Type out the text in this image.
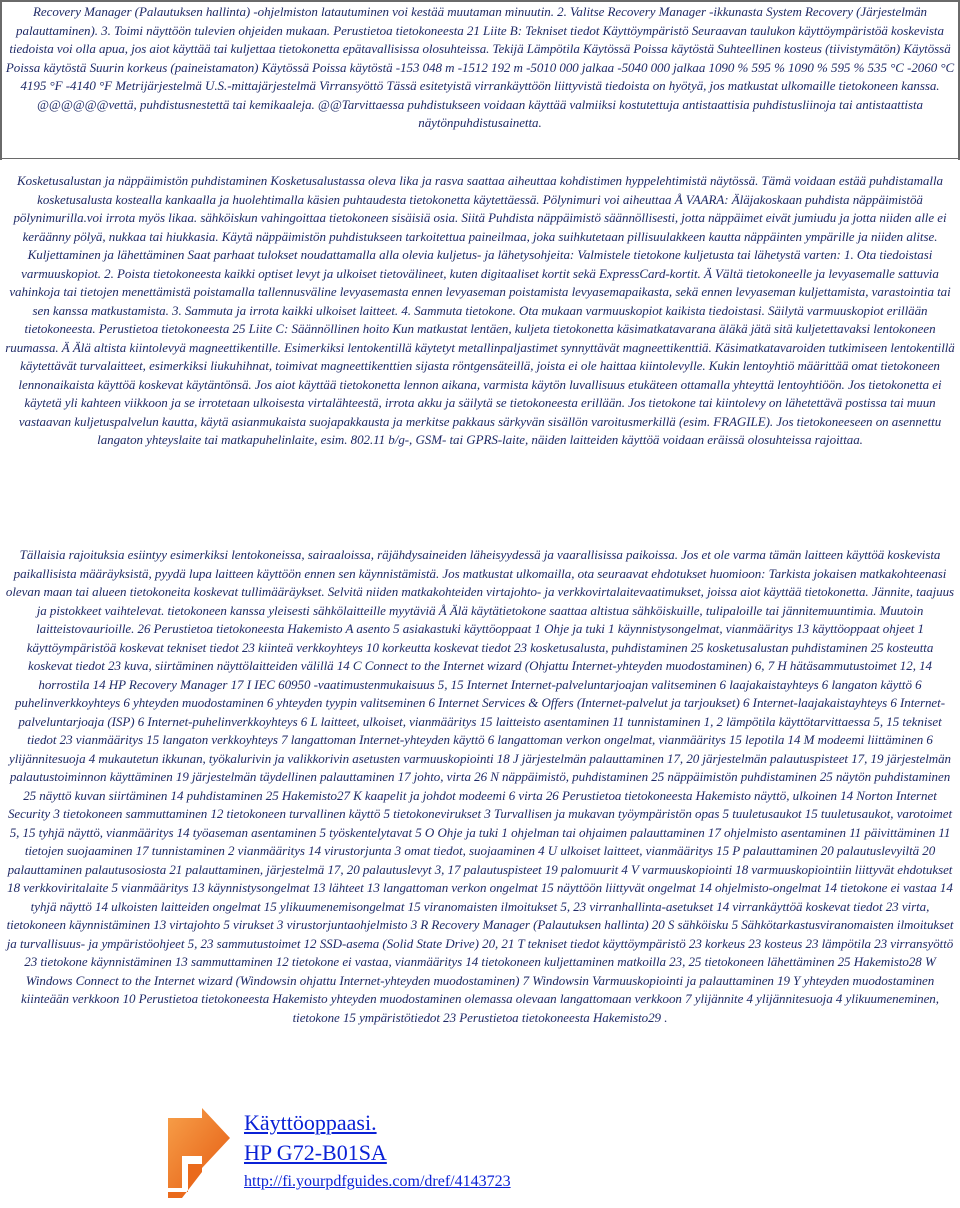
Recovery Manager (Palautuksen hallinta) -ohjelmiston latautuminen voi kestää muutaman minuutin. 2. Valitse Recovery Manager -ikkunasta System Recovery (Järjestelmän palauttaminen). 3. Toimi näyttöön tulevien ohjeiden mukaan. Perustietoa tietokoneesta 21 Liite B: Tekniset tiedot Käyttöympäristö Seuraavan taulukon käyttöympäristöä koskevista tiedoista voi olla apua, jos aiot käyttää tai kuljettaa tietokonetta epätavallisissa olosuhteissa. Tekijä Lämpötila Käytössä Poissa käytöstä Suhteellinen kosteus (tiivistymätön) Käytössä Poissa käytöstä Suurin korkeus (paineistamaton) Käytössä Poissa käytöstä -153 048 m -1512 192 m -5010 000 jalkaa -5040 000 jalkaa 1090 % 595 % 1090 % 595 % 535 °C -2060 °C 4195 °F -4140 °F Metrijärjestelmä U.S.-mittajärjestelmä Virransyöttö Tässä esitetyistä virrankäyttöön liittyvistä tiedoista on hyötyä, jos matkustat ulkomaille tietokoneen kanssa. @@@@@@vettä, puhdistusnestettä tai kemikaaleja. @@Tarvittaessa puhdistukseen voidaan käyttää valmiiksi kostutettuja antistaattisia puhdistusliinoja tai antistaattista näytönpuhdistusainetta.

Kosketusalustan ja näppäimistön puhdistaminen Kosketusalustassa oleva lika ja rasva saattaa aiheuttaa kohdistimen hyppelehtimistä näytössä. Tämä voidaan estää puhdistamalla kosketusalusta kostealla kankaalla ja huolehtimalla käsien puhtaudesta tietokonetta käytettäessä. Pölynimuri voi aiheuttaa Å VAARA: Äläjakoskaan puhdista näppäimistöä pölynimurilla.voi irrota myös likaa. sähköiskun vahingoittaa tietokoneen sisäisiä osia. Siitä Puhdista näppäimistö säännöllisesti, jotta näppäimet eivät jumiudu ja jotta niiden alle ei keräänny pölyä, nukkaa tai hiukkasia. Käytä näppäimistön puhdistukseen tarkoitettua paineilmaa, joka suihkutetaan pillisuulakkeen kautta näppäinten ympärille ja niiden alitse. Kuljettaminen ja lähettäminen Saat parhaat tulokset noudattamalla alla olevia kuljetus- ja lähetysohjeita: Valmistele tietokone kuljetusta tai lähetystä varten: 1. Ota tiedoistasi varmuuskopiot. 2. Poista tietokoneesta kaikki optiset levyt ja ulkoiset tietovälineet, kuten digitaaliset kortit sekä ExpressCard-kortit. Ä Vältä tietokoneelle ja levyasemalle sattuvia vahinkoja tai tietojen menettämistä poistamalla tallennusväline levyasemasta ennen levyaseman poistamista levyasemapaikasta, sekä ennen levyaseman kuljettamista, varastointia tai sen kanssa matkustamista. 3. Sammuta ja irrota kaikki ulkoiset laitteet. 4. Sammuta tietokone. Ota mukaan varmuuskopiot kaikista tiedoistasi. Säilytä varmuuskopiot erillään tietokoneesta. Perustietoa tietokoneesta 25 Liite C: Säännöllinen hoito Kun matkustat lentäen, kuljeta tietokonetta käsimatkatavarana äläkä jätä sitä kuljetettavaksi lentokoneen ruumassa. Ä Älä altista kiintolevyä magneettikentille. Esimerkiksi lentokentillä käytetyt metallinpaljastimet synnyttävät magneettikenttiä. Käsimatkatavaroiden tutkimiseen lentokentillä käytettävät turvalaitteet, esimerkiksi liukuhihnat, toimivat magneettikenttien sijasta röntgensäteillä, joista ei ole haittaa kiintolevylle. Kukin lentoyhtiö määrittää omat tietokoneen lennonaikaista käyttöä koskevat käytäntönsä. Jos aiot käyttää tietokonetta lennon aikana, varmista käytön luvallisuus etukäteen ottamalla yhteyttä lentoyhtiöön. Jos tietokonetta ei käytetä yli kahteen viikkoon ja se irrotetaan ulkoisesta virtalähteestä, irrota akku ja säilytä se tietokoneesta erillään. Jos tietokone tai kiintolevy on lähetettävä postissa tai muun vastaavan kuljetuspalvelun kautta, käytä asianmukaista suojapakkausta ja merkitse pakkaus särkyvän sisällön varoitusmerkillä (esim. FRAGILE). Jos tietokoneeseen on asennettu langaton yhteyslaite tai matkapuhelinlaite, esim. 802.11 b/g-, GSM- tai GPRS-laite, näiden laitteiden käyttöä voidaan eräissä olosuhteissa rajoittaa.

Tällaisia rajoituksia esiintyy esimerkiksi lentokoneissa, sairaaloissa, räjähdysaineiden läheisyydessä ja vaarallisissa paikoissa. Jos et ole varma tämän laitteen käyttöä koskevista paikallisista määräyksistä, pyydä lupa laitteen käyttöön ennen sen käynnistämistä. Jos matkustat ulkomailla, ota seuraavat ehdotukset huomioon: Tarkista jokaisen matkakohteenasi olevan maan tai alueen tietokoneita koskevat tullimääräykset. Selvitä niiden matkakohteiden virtajohto- ja verkkovirtalaitevaatimukset, joissa aiot käyttää tietokonetta. Jännite, taajuus ja pistokkeet vaihtelevat. tietokoneen kanssa yleisesti sähkölaitteille myytäviä Å Älä käytätietokone saattaa altistua sähköiskuille, tulipaloille tai jännitemuuntimia. Muutoin laitteistovaurioille. 26 Perustietoa tietokoneesta Hakemisto A asento 5 asiakastuki käyttöoppaat 1 Ohje ja tuki 1 käynnistysongelmat, vianmääritys 13 käyttöoppaat ohjeet 1 käyttöympäristöä koskevat tekniset tiedot 23 kiinteä verkkoyhteys 10 korkeutta koskevat tiedot 23 kosketusalusta, puhdistaminen 25 kosketusalustan puhdistaminen 25 kosteutta koskevat tiedot 23 kuva, siirtäminen näyttölaitteiden välillä 14 C Connect to the Internet wizard (Ohjattu Internet-yhteyden muodostaminen) 6, 7 H hätäsammutustoimet 12, 14 horrostila 14 HP Recovery Manager 17 I IEC 60950 -vaatimustenmukaisuus 5, 15 Internet Internet-palveluntarjoajan valitseminen 6 laajakaistayhteys 6 langaton käyttö 6 puhelinverkkoyhteys 6 yhteyden muodostaminen 6 yhteyden tyypin valitseminen 6 Internet Services & Offers (Internet-palvelut ja tarjoukset) 6 Internet-laajakaistayhteys 6 Internet-palveluntarjoaja (ISP) 6 Internet-puhelinverkkoyhteys 6 L laitteet, ulkoiset, vianmääritys 15 laitteisto asentaminen 11 tunnistaminen 1, 2 lämpötila käyttötarvittaessa 5, 15 tekniset tiedot 23 vianmääritys 15 langaton verkkoyhteys 7 langattoman Internet-yhteyden käyttö 6 langattoman verkon ongelmat, vianmääritys 15 lepotila 14 M modeemi liittäminen 6 ylijännitesuoja 4 mukautetun ikkunan, työkalurivin ja valikkorivin asetusten varmuuskopiointi 18 J järjestelmän palauttaminen 17, 20 järjestelmän palautuspisteet 17, 19 järjestelmän palautustoiminnon käyttäminen 19 järjestelmän täydellinen palauttaminen 17 johto, virta 26 N näppäimistö, puhdistaminen 25 näppäimistön puhdistaminen 25 näytön puhdistaminen 25 näyttö kuvan siirtäminen 14 puhdistaminen 25 Hakemisto27 K kaapelit ja johdot modeemi 6 virta 26 Perustietoa tietokoneesta Hakemisto näyttö, ulkoinen 14 Norton Internet Security 3 tietokoneen sammuttaminen 12 tietokoneen turvallinen käyttö 5 tietokonevirukset 3 Turvallisen ja mukavan työympäristön opas 5 tuuletusaukot 15 tuuletusaukot, varotoimet 5, 15 tyhjä näyttö, vianmääritys 14 työaseman asentaminen 5 työskentelytavat 5 O Ohje ja tuki 1 ohjelman tai ohjaimen palauttaminen 17 ohjelmisto asentaminen 11 päivittäminen 11 tietojen suojaaminen 17 tunnistaminen 2 vianmääritys 14 virustorjunta 3 omat tiedot, suojaaminen 4 U ulkoiset laitteet, vianmääritys 15 P palauttaminen 20 palautuslevyiltä 20 palauttaminen palautusosiosta 21 palauttaminen, järjestelmä 17, 20 palautuslevyt 3, 17 palautuspisteet 19 palomuurit 4 V varmuuskopiointi 18 varmuuskopiointiin liittyvät ehdotukset 18 verkkoviritalaite 5 vianmääritys 13 käynnistysongelmat 13 lähteet 13 langattoman verkon ongelmat 15 näyttöön liittyvät ongelmat 14 ohjelmisto-ongelmat 14 tietokone ei vastaa 14 tyhjä näyttö 14 ulkoisten laitteiden ongelmat 15 ylikuumenemisongelmat 15 viranomaisten ilmoitukset 5, 23 virranhallinta-asetukset 14 virrankäyttöä koskevat tiedot 23 virta, tietokoneen käynnistäminen 13 virtajohto 5 virukset 3 virustorjuntaohjelmisto 3 R Recovery Manager (Palautuksen hallinta) 20 S sähköisku 5 Sähkötarkastusviranomaisten ilmoitukset ja turvallisuus- ja ympäristöohjeet 5, 23 sammutustoimet 12 SSD-asema (Solid State Drive) 20, 21 T tekniset tiedot käyttöympäristö 23 korkeus 23 kosteus 23 lämpötila 23 virransyöttö 23 tietokone käynnistäminen 13 sammuttaminen 12 tietokone ei vastaa, vianmääritys 14 tietokoneen kuljettaminen matkoilla 23, 25 tietokoneen lähettäminen 25 Hakemisto28 W Windows Connect to the Internet wizard (Windowsin ohjattu Internet-yhteyden muodostaminen) 7 Windowsin Varmuuskopiointi ja palauttaminen 19 Y yhteyden muodostaminen kiinteään verkkoon 10 Perustietoa tietokoneesta Hakemisto yhteyden muodostaminen olemassa olevaan langattomaan verkkoon 7 ylijännite 4 ylijännitesuoja 4 ylikuumeneminen, tietokone 15 ympäristötiedot 23 Perustietoa tietokoneesta Hakemisto29 .

Käyttöoppaasi.
HP G72-B01SA
http://fi.yourpdfguides.com/dref/4143723
